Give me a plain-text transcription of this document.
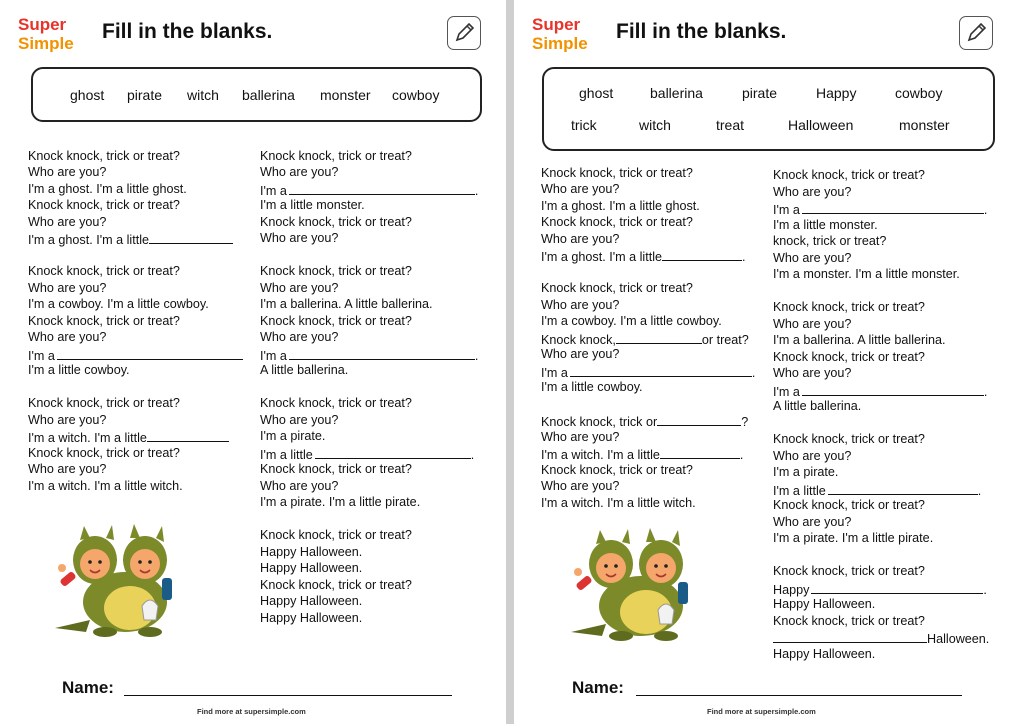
Super
Simple
Fill in the blanks.
ghost pirate witch ballerina monster cowboy
Knock knock, trick or treat?
Who are you?
I'm a ghost. I'm a little ghost.
Knock knock, trick or treat?
Who are you?
I'm a ghost. I'm a little
Knock knock, trick or treat?
Who are you?
I'm a cowboy. I'm a little cowboy.
Knock knock, trick or treat?
Who are you?
I'm a
I'm a little cowboy.
Knock knock, trick or treat?
Who are you?
I'm a witch. I'm a little
Knock knock, trick or treat?
Who are you?
I'm a witch. I'm a little witch.
Knock knock, trick or treat?
Who are you?
I'm a	.
I'm a little monster.
Knock knock, trick or treat?
Who are you?
Knock knock, trick or treat?
Who are you?
I'm a ballerina. A little ballerina.
Knock knock, trick or treat?
Who are you?
I'm a	.
A little ballerina.
Knock knock, trick or treat?
Who are you?
I'm a pirate.
I'm a little	.
Knock knock, trick or treat?
Who are you?
I'm a pirate. I'm a little pirate.
Knock knock, trick or treat?
Happy Halloween.
Happy Halloween.
Knock knock, trick or treat?
Happy Halloween.
Happy Halloween.
Name:
Find more at supersimple.com
Super
Simple
Fill in the blanks.
ghost	ballerina	pirate	Happy	cowboy
trick	witch	treat	Halloween	monster
Knock knock, trick or treat?
Who are you?
I'm a ghost. I'm a little ghost.
Knock knock, trick or treat?
Who are you?
I'm a ghost. I'm a little	.
Knock knock, trick or treat?
Who are you?
I'm a cowboy. I'm a little cowboy.
Knock knock,	or treat?
Who are you?
I'm a	.
I'm a little cowboy.
Knock knock, trick or	?
Who are you?
I'm a witch. I'm a little	.
Knock knock, trick or treat?
Who are you?
I'm a witch. I'm a little witch.
Knock knock, trick or treat?
Who are you?
I'm a	.
I'm a little monster.
knock, trick or treat?
Who are you?
I'm a monster. I'm a little monster.
Knock knock, trick or treat?
Who are you?
I'm a ballerina. A little ballerina.
Knock knock, trick or treat?
Who are you?
I'm a	.
A little ballerina.
Knock knock, trick or treat?
Who are you?
I'm a pirate.
I'm a little	.
Knock knock, trick or treat?
Who are you?
I'm a pirate. I'm a little pirate.
Knock knock, trick or treat?
Happy	.
Happy Halloween.
Knock knock, trick or treat?
Halloween.
Happy Halloween.
Name:
Find more at supersimple.com
